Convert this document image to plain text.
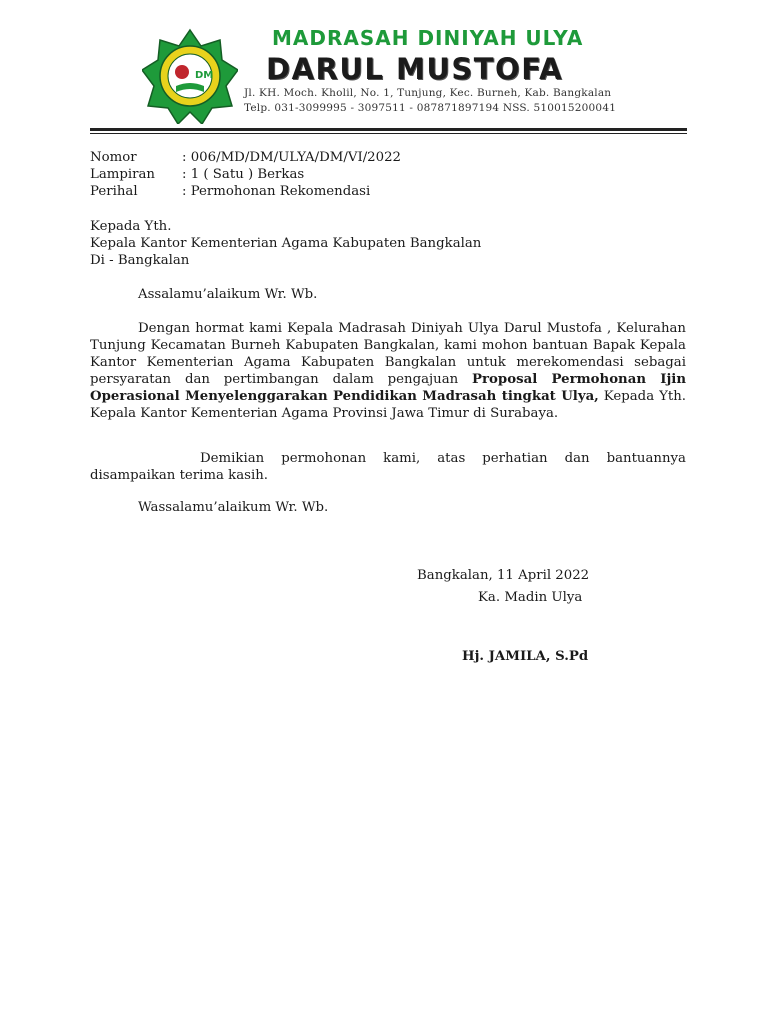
DM
MADRASAH DINIYAH ULYA
DARUL MUSTOFA
Jl. KH. Moch. Kholil, No. 1, Tunjung, Kec. Burneh, Kab. Bangkalan
Telp. 031-3099995 - 3097511 - 087871897194 NSS. 510015200041
Nomor	: 006/MD/DM/ULYA/DM/VI/2022
Lampiran : 1 ( Satu ) Berkas
Perihal	: Permohonan Rekomendasi
Kepada Yth.
Kepala Kantor Kementerian Agama Kabupaten Bangkalan
Di - Bangkalan
Assalamu’alaikum Wr. Wb.
Dengan hormat kami Kepala Madrasah Diniyah Ulya Darul Mustofa , Kelurahan Tunjung Kecamatan Burneh Kabupaten Bangkalan, kami mohon bantuan Bapak Kepala Kantor Kementerian Agama Kabupaten Bangkalan untuk merekomendasi sebagai persyaratan dan pertimbangan dalam pengajuan Proposal Permohonan Ijin Operasional Menyelenggarakan Pendidikan Madrasah tingkat Ulya, Kepada Yth. Kepala Kantor Kementerian Agama Provinsi Jawa Timur di Surabaya.
Demikian permohonan kami, atas perhatian dan bantuannya disampaikan terima kasih.
Wassalamu’alaikum Wr. Wb.
Bangkalan, 11 April 2022
Ka. Madin Ulya
Hj. JAMILA, S.Pd
